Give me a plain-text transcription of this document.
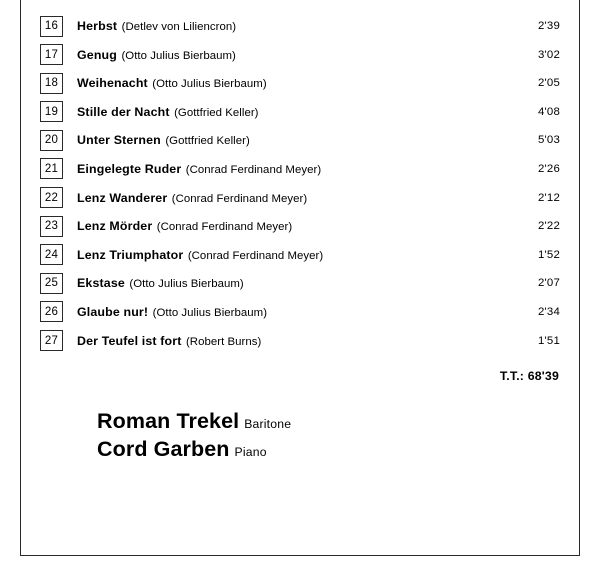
16	Herbst (Detlev von Liliencron)	2'39
17	Genug (Otto Julius Bierbaum)	3'02
18	Weihenacht (Otto Julius Bierbaum)	2'05
19	Stille der Nacht (Gottfried Keller)	4'08
20	Unter Sternen (Gottfried Keller)	5'03
21	Eingelegte Ruder (Conrad Ferdinand Meyer)	2'26
22	Lenz Wanderer (Conrad Ferdinand Meyer)	2'12
23	Lenz Mörder (Conrad Ferdinand Meyer)	2'22
24	Lenz Triumphator (Conrad Ferdinand Meyer)	1'52
25	Ekstase (Otto Julius Bierbaum)	2'07
26	Glaube nur! (Otto Julius Bierbaum)	2'34
27	Der Teufel ist fort (Robert Burns)	1'51
T.T.: 68'39
Roman Trekel Baritone
Cord Garben Piano
